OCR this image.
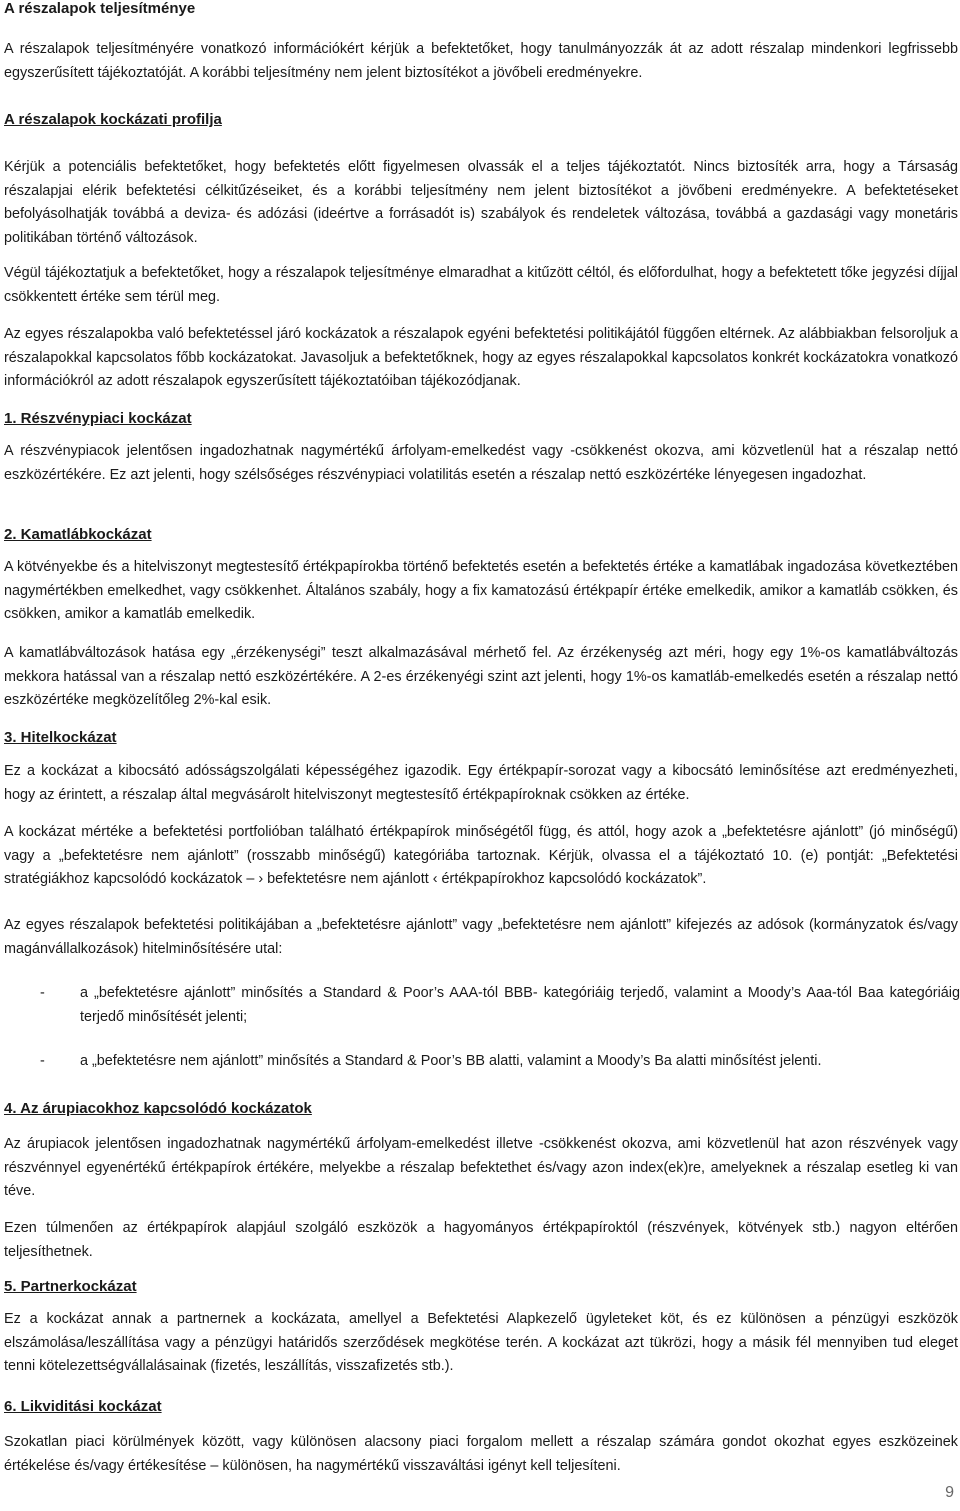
A részalapok teljesítménye

A részalapok teljesítményére vonatkozó információkért kérjük a befektetőket, hogy tanulmányozzák át az adott részalap mindenkori legfrissebb egyszerűsített tájékoztatóját. A korábbi teljesítmény nem jelent biztosítékot a jövőbeli eredményekre.

A részalapok kockázati profilja

Kérjük a potenciális befektetőket, hogy befektetés előtt figyelmesen olvassák el a teljes tájékoztatót. Nincs biztosíték arra, hogy a Társaság részalapjai elérik befektetési célkitűzéseiket, és a korábbi teljesítmény nem jelent biztosítékot a jövőbeni eredményekre. A befektetéseket befolyásolhatják továbbá a deviza- és adózási (ideértve a forrásadót is) szabályok és rendeletek változása, továbbá a gazdasági vagy monetáris politikában történő változások.

Végül tájékoztatjuk a befektetőket, hogy a részalapok teljesítménye elmaradhat a kitűzött céltól, és előfordulhat, hogy a befektetett tőke jegyzési díjjal csökkentett értéke sem térül meg.

Az egyes részalapokba való befektetéssel járó kockázatok a részalapok egyéni befektetési politikájától függően eltérnek. Az alábbiakban felsoroljuk a részalapokkal kapcsolatos főbb kockázatokat. Javasoljuk a befektetőknek, hogy az egyes részalapokkal kapcsolatos konkrét kockázatokra vonatkozó információkról az adott részalapok egyszerűsített tájékoztatóiban tájékozódjanak.

1. Részvénypiaci kockázat

A részvénypiacok jelentősen ingadozhatnak nagymértékű árfolyam-emelkedést vagy -csökkenést okozva, ami közvetlenül hat a részalap nettó eszközértékére. Ez azt jelenti, hogy szélsőséges részvénypiaci volatilitás esetén a részalap nettó eszközértéke lényegesen ingadozhat.

2. Kamatlábkockázat

A kötvényekbe és a hitelviszonyt megtestesítő értékpapírokba történő befektetés esetén a befektetés értéke a kamatlábak ingadozása következtében nagymértékben emelkedhet, vagy csökkenhet. Általános szabály, hogy a fix kamatozású értékpapír értéke emelkedik, amikor a kamatláb csökken, és csökken, amikor a kamatláb emelkedik.

A kamatlábváltozások hatása egy „érzékenységi” teszt alkalmazásával mérhető fel. Az érzékenység azt méri, hogy egy 1%-os kamatlábváltozás mekkora hatással van a részalap nettó eszközértékére. A 2-es érzékenyégi szint azt jelenti, hogy 1%-os kamatláb-emelkedés esetén a részalap nettó eszközértéke megközelítőleg 2%-kal esik.

3. Hitelkockázat

Ez a kockázat a kibocsátó adósságszolgálati képességéhez igazodik. Egy értékpapír-sorozat vagy a kibocsátó leminősítése azt eredményezheti, hogy az érintett, a részalap által megvásárolt hitelviszonyt megtestesítő értékpapíroknak csökken az értéke.

A kockázat mértéke a befektetési portfolióban található értékpapírok minőségétől függ, és attól, hogy azok a „befektetésre ajánlott” (jó minőségű) vagy a „befektetésre nem ajánlott” (rosszabb minőségű) kategóriába tartoznak. Kérjük, olvassa el a tájékoztató 10. (e) pontját: „Befektetési stratégiákhoz kapcsolódó kockázatok – › befektetésre nem ajánlott ‹ értékpapírokhoz kapcsolódó kockázatok”.

Az egyes részalapok befektetési politikájában a „befektetésre ajánlott” vagy „befektetésre nem ajánlott” kifejezés az adósok (kormányzatok és/vagy magánvállalkozások) hitelminősítésére utal:

- a „befektetésre ajánlott” minősítés a Standard & Poor’s AAA-tól BBB- kategóriáig terjedő, valamint a Moody’s Aaa-tól Baa kategóriáig terjedő minősítését jelenti;
- a „befektetésre nem ajánlott” minősítés a Standard & Poor’s BB alatti, valamint a Moody’s Ba alatti minősítést jelenti.
4. Az árupiacokhoz kapcsolódó kockázatok

Az árupiacok jelentősen ingadozhatnak nagymértékű árfolyam-emelkedést illetve -csökkenést okozva, ami közvetlenül hat azon részvények vagy részvénnyel egyenértékű értékpapírok értékére, melyekbe a részalap befektethet és/vagy azon index(ek)re, amelyeknek a részalap esetleg ki van téve.

Ezen túlmenően az értékpapírok alapjául szolgáló eszközök a hagyományos értékpapíroktól (részvények, kötvények stb.) nagyon eltérően teljesíthetnek.

5. Partnerkockázat

Ez a kockázat annak a partnernek a kockázata, amellyel a Befektetési Alapkezelő ügyleteket köt, és ez különösen a pénzügyi eszközök elszámolása/leszállítása vagy a pénzügyi határidős szerződések megkötése terén. A kockázat azt tükrözi, hogy a másik fél mennyiben tud eleget tenni kötelezettségvállalásainak (fizetés, leszállítás, visszafizetés stb.).

6. Likviditási kockázat

Szokatlan piaci körülmények között, vagy különösen alacsony piaci forgalom mellett a részalap számára gondot okozhat egyes eszközeinek értékelése és/vagy értékesítése – különösen, ha nagymértékű visszaváltási igényt kell teljesíteni.

9
